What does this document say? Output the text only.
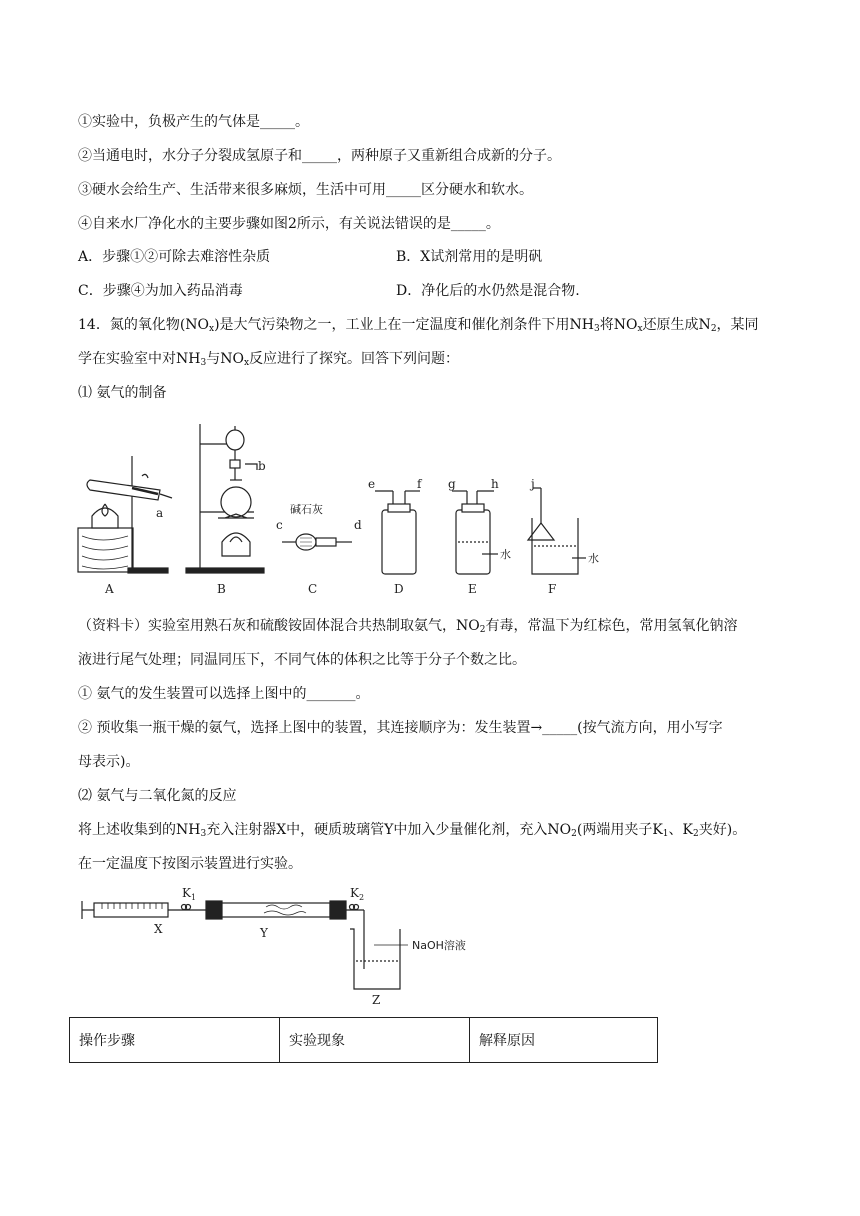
①实验中，负极产生的气体是_____。
②当通电时，水分子分裂成氢原子和_____，两种原子又重新组合成新的分子。
③硬水会给生产、生活带来很多麻烦，生活中可用_____区分硬水和软水。
④自来水厂净化水的主要步骤如图2所示，有关说法错误的是_____。
A．步骤①②可除去难溶性杂质	B．X试剂常用的是明矾
C．步骤④为加入药品消毒	D．净化后的水仍然是混合物.
14．氮的氧化物$(NO_x)$是大气污染物之一，工业上在一定温度和催化剂条件下用$NH_3$将$NO_x$还原生成$N_2$，某同
学在实验室中对$NH_3$与$NO_x$反应进行了探究。回答下列问题：
⑴ 氨气的制备
a
b
c	d
e	f g	h	j
碱石灰
水	水
A	B	C	D	E	F
（资料卡）实验室用熟石灰和硫酸铵固体混合共热制取氨气，$NO_2$有毒，常温下为红棕色，常用氢氧化钠溶
液进行尾气处理；同温同压下，不同气体的体积之比等于分子个数之比。
① 氨气的发生装置可以选择上图中的_______。
② 预收集一瓶干燥的氨气，选择上图中的装置，其连接顺序为：发生装置→_____(按气流方向，用小写字
母表示)。
⑵ 氨气与二氧化氮的反应
将上述收集到的$NH_3$充入注射器X中，硬质玻璃管Y中加入少量催化剂，充入$NO_2$(两端用夹子$K_1$、$K_2$夹好)。
在一定温度下按图示装置进行实验。
$K_1$	$K_2$
X	Y
Z
NaOH溶液
操作步骤	实验现象	解释原因
